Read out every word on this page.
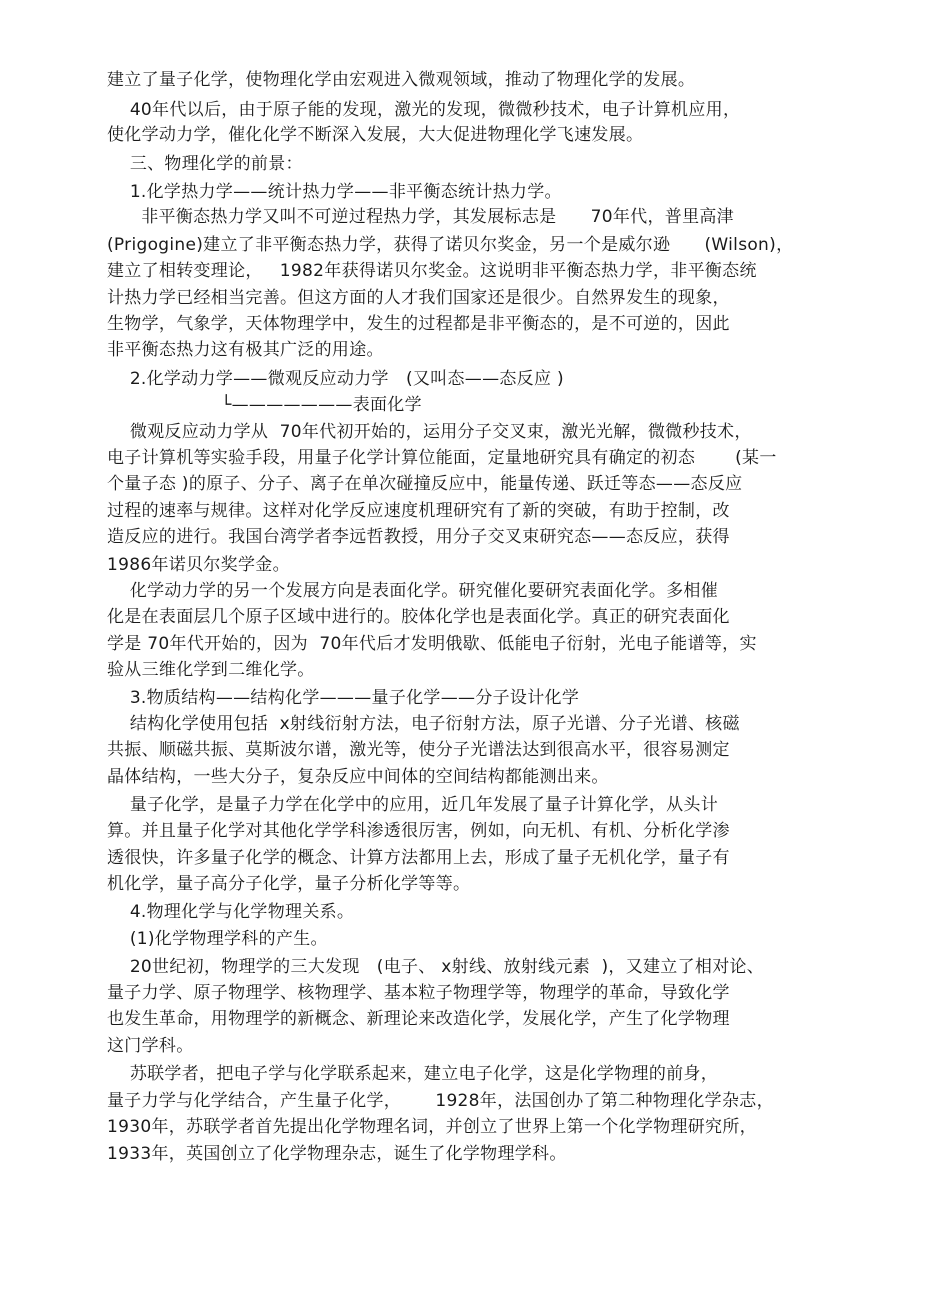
建立了量子化学，使物理化学由宏观进入微观领域，推动了物理化学的发展。
40年代以后，由于原子能的发现，激光的发现，微微秒技术，电子计算机应用，
使化学动力学，催化化学不断深入发展，大大促进物理化学飞速发展。
三、物理化学的前景：
1.化学热力学——统计热力学——非平衡态统计热力学。
非平衡态热力学又叫不可逆过程热力学，其发展标志是      70年代，普里高津
(Prigogine)建立了非平衡态热力学，获得了诺贝尔奖金，另一个是威尔逊      (Wilson)，
建立了相转变理论，   1982年获得诺贝尔奖金。这说明非平衡态热力学，非平衡态统
计热力学已经相当完善。但这方面的人才我们国家还是很少。自然界发生的现象，
生物学，气象学，天体物理学中，发生的过程都是非平衡态的，是不可逆的，因此
非平衡态热力这有极其广泛的用途。
2.化学动力学——微观反应动力学   (又叫态——态反应 )
└———————表面化学
微观反应动力学从  70年代初开始的，运用分子交叉束，激光光解，微微秒技术，
电子计算机等实验手段，用量子化学计算位能面，定量地研究具有确定的初态       (某一
个量子态 )的原子、分子、离子在单次碰撞反应中，能量传递、跃迁等态——态反应
过程的速率与规律。这样对化学反应速度机理研究有了新的突破，有助于控制，改
造反应的进行。我国台湾学者李远哲教授，用分子交叉束研究态——态反应，获得
1986年诺贝尔奖学金。
化学动力学的另一个发展方向是表面化学。研究催化要研究表面化学。多相催
化是在表面层几个原子区域中进行的。胶体化学也是表面化学。真正的研究表面化
学是 70年代开始的，因为  70年代后才发明俄歇、低能电子衍射，光电子能谱等，实
验从三维化学到二维化学。
3.物质结构——结构化学———量子化学——分子设计化学
结构化学使用包括  x射线衍射方法，电子衍射方法，原子光谱、分子光谱、核磁
共振、顺磁共振、莫斯波尔谱，激光等，使分子光谱法达到很高水平，很容易测定
晶体结构，一些大分子，复杂反应中间体的空间结构都能测出来。
量子化学，是量子力学在化学中的应用，近几年发展了量子计算化学，从头计
算。并且量子化学对其他化学学科渗透很厉害，例如，向无机、有机、分析化学渗
透很快，许多量子化学的概念、计算方法都用上去，形成了量子无机化学，量子有
机化学，量子高分子化学，量子分析化学等等。
4.物理化学与化学物理关系。
(1)化学物理学科的产生。
20世纪初，物理学的三大发现   (电子、 x射线、放射线元素  )，又建立了相对论、
量子力学、原子物理学、核物理学、基本粒子物理学等，物理学的革命，导致化学
也发生革命，用物理学的新概念、新理论来改造化学，发展化学，产生了化学物理
这门学科。
苏联学者，把电子学与化学联系起来，建立电子化学，这是化学物理的前身，
量子力学与化学结合，产生量子化学，      1928年，法国创办了第二种物理化学杂志，
1930年，苏联学者首先提出化学物理名词，并创立了世界上第一个化学物理研究所，
1933年，英国创立了化学物理杂志，诞生了化学物理学科。
